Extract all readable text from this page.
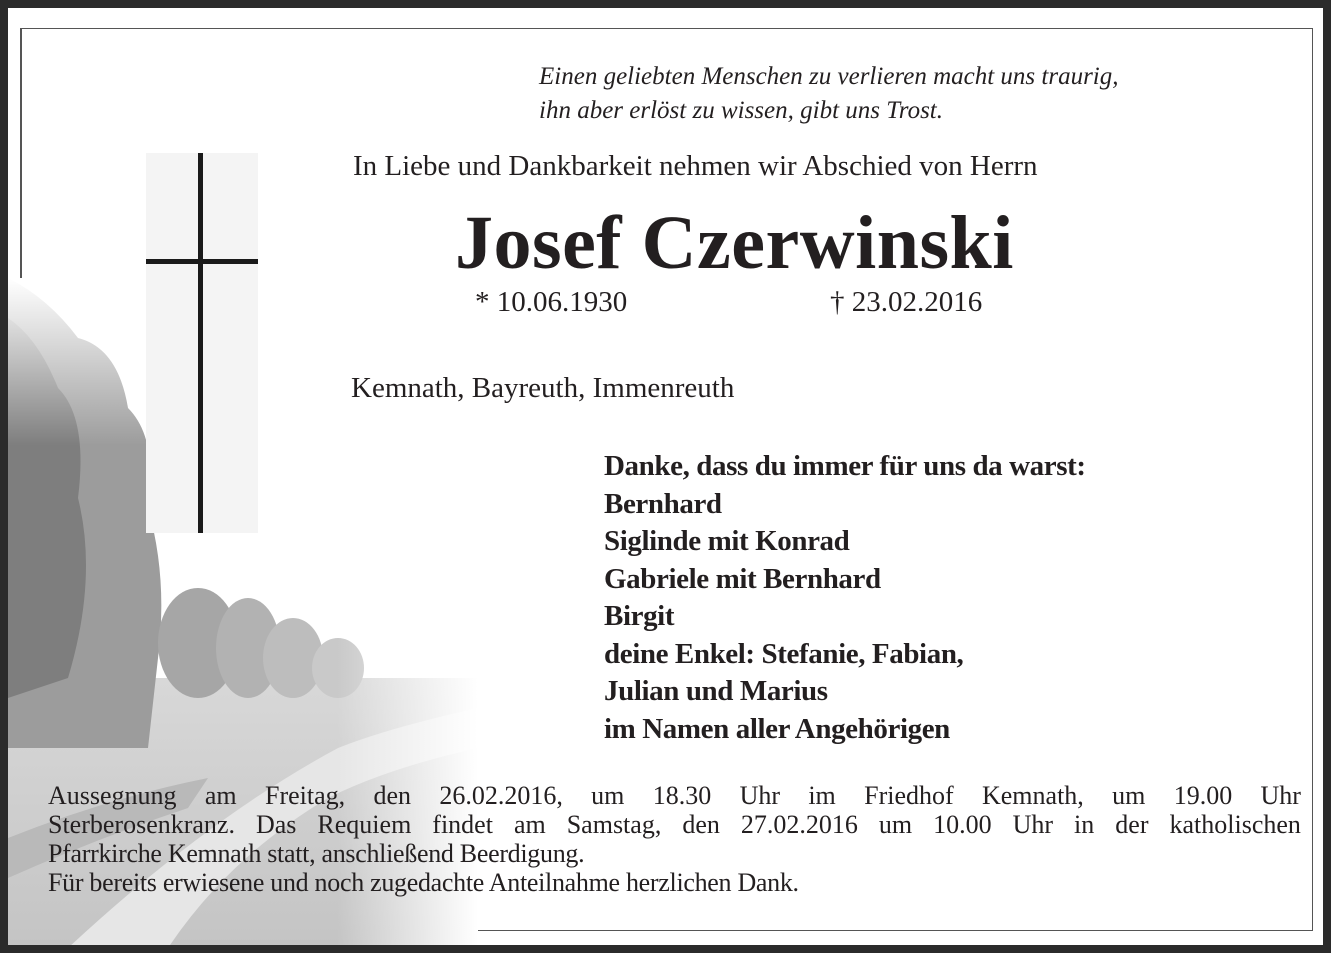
Einen geliebten Menschen zu verlieren macht uns traurig,
ihn aber erlöst zu wissen, gibt uns Trost.
In Liebe und Dankbarkeit nehmen wir Abschied von Herrn
Josef Czerwinski
* 10.06.1930	† 23.02.2016
Kemnath, Bayreuth, Immenreuth
Danke, dass du immer für uns da warst:
Bernhard
Siglinde mit Konrad
Gabriele mit Bernhard
Birgit
deine Enkel: Stefanie, Fabian,
Julian und Marius
im Namen aller Angehörigen
Aussegnung am Freitag, den 26.02.2016, um 18.30 Uhr im Friedhof Kemnath, um 19.00 Uhr
Sterberosenkranz. Das Requiem findet am Samstag, den 27.02.2016 um 10.00 Uhr in der katholischen
Pfarrkirche Kemnath statt, anschließend Beerdigung.
Für bereits erwiesene und noch zugedachte Anteilnahme herzlichen Dank.
